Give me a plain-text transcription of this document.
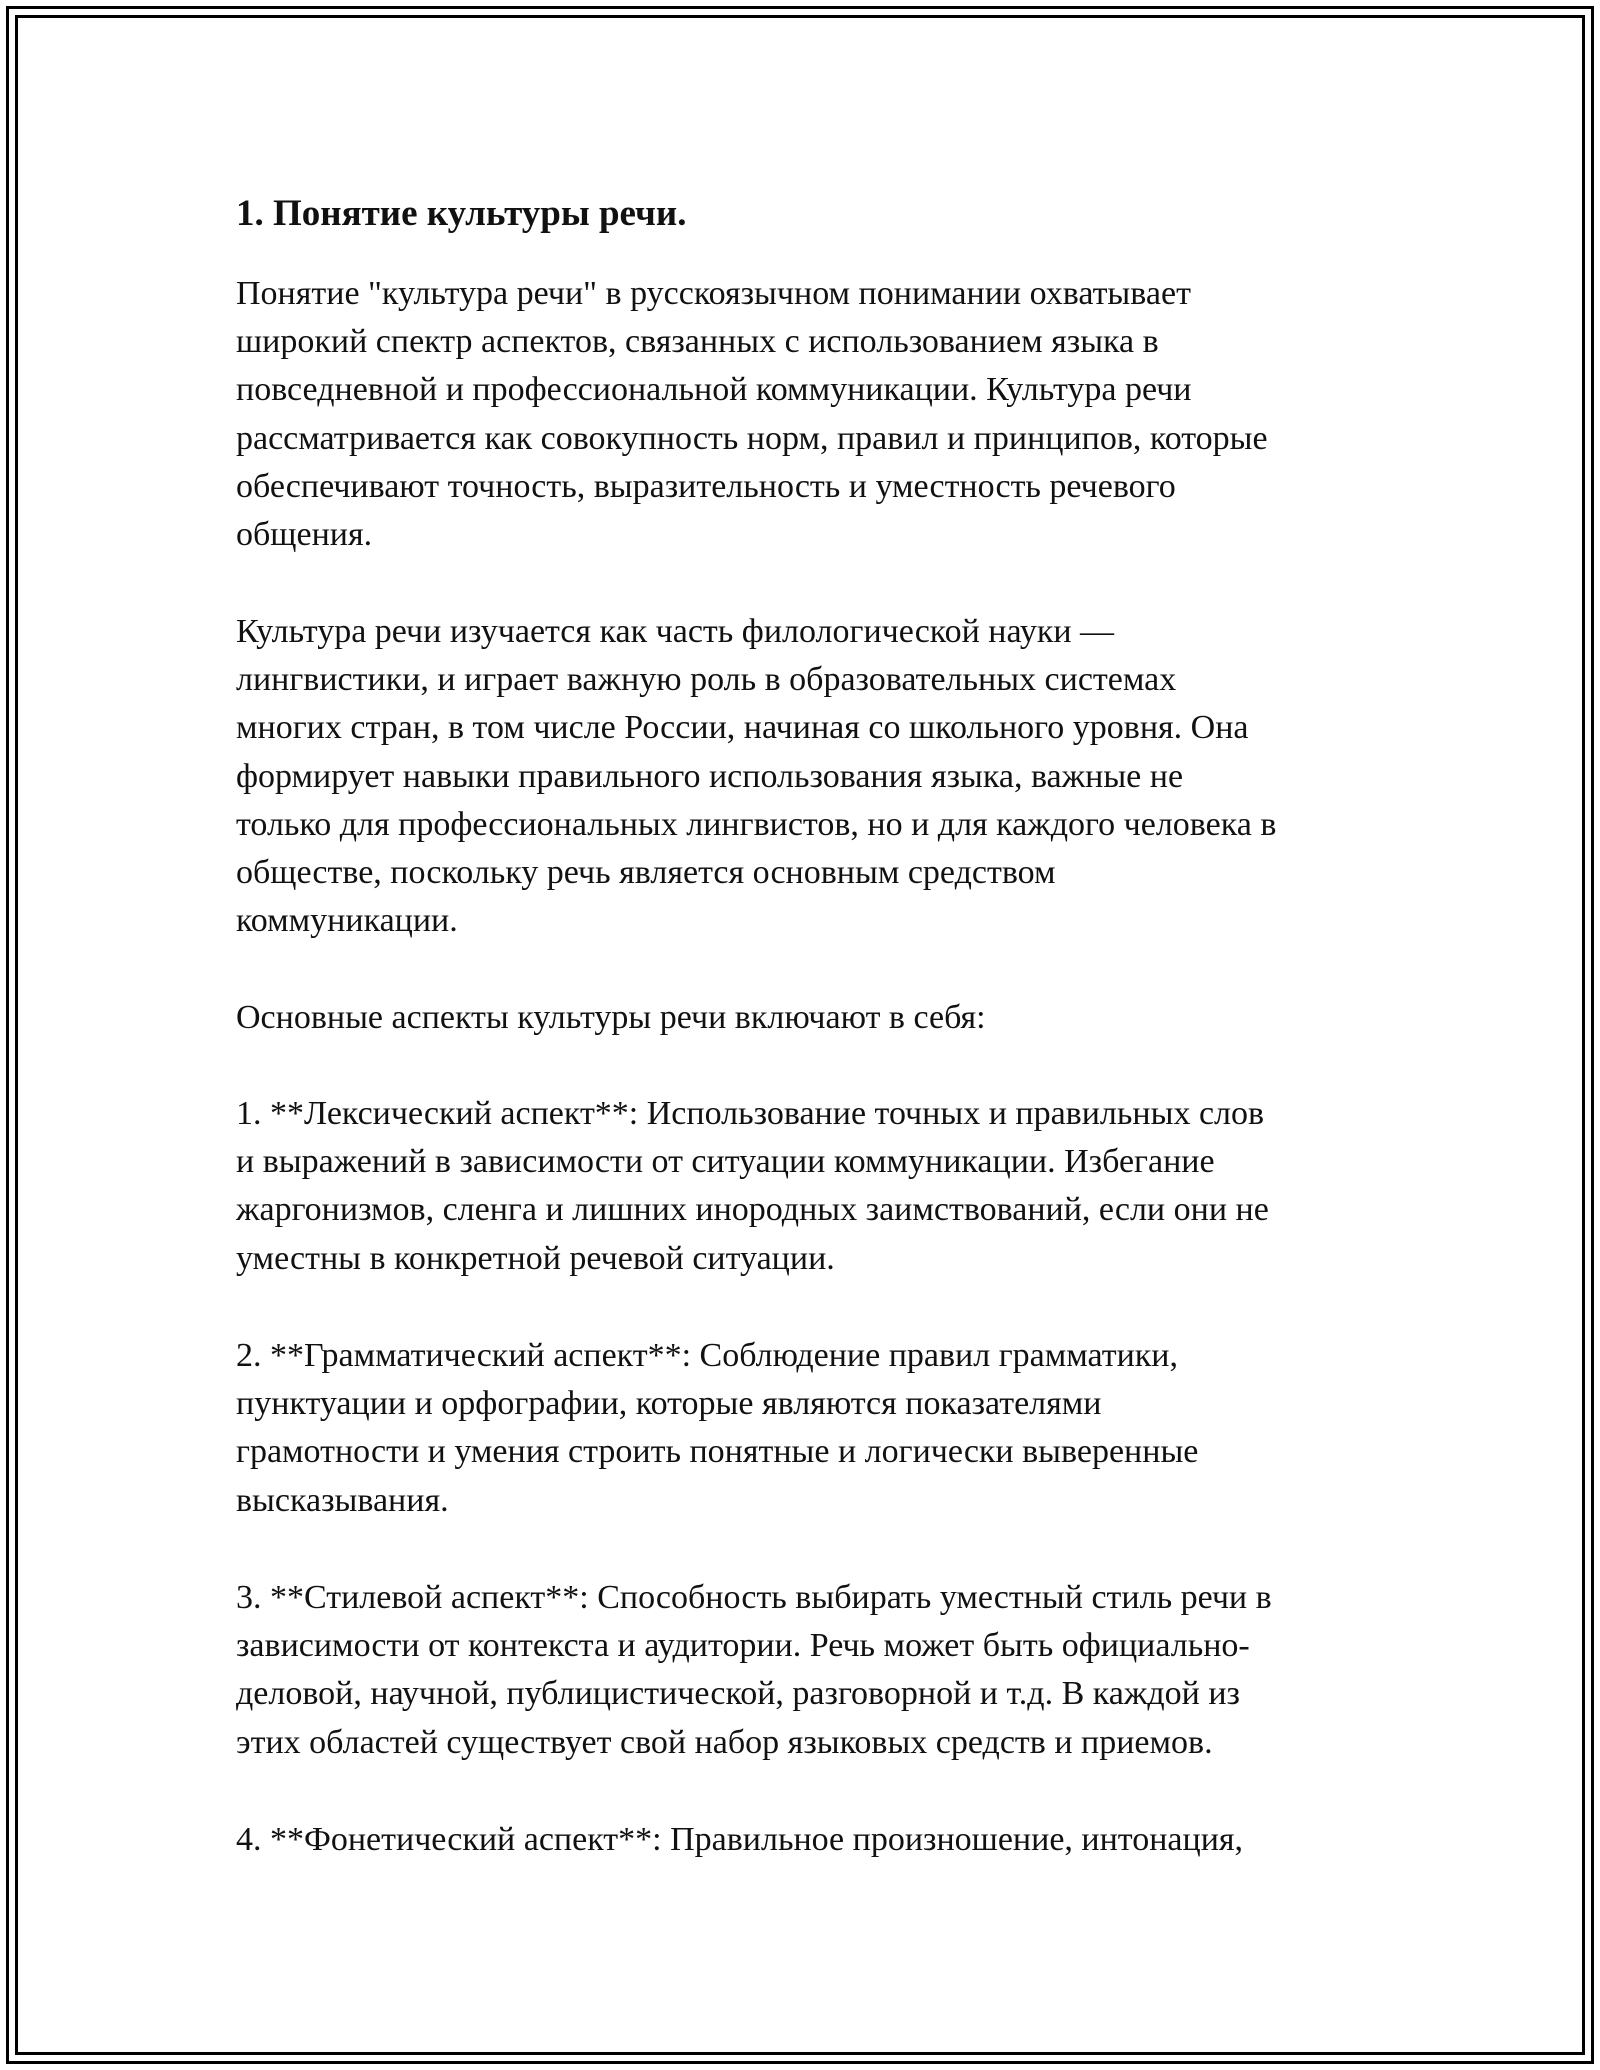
1. Понятие культуры речи.

Понятие "культура речи" в русскоязычном понимании охватывает
широкий спектр аспектов, связанных с использованием языка в
повседневной и профессиональной коммуникации. Культура речи
рассматривается как совокупность норм, правил и принципов, которые
обеспечивают точность, выразительность и уместность речевого
общения.

Культура речи изучается как часть филологической науки —
лингвистики, и играет важную роль в образовательных системах
многих стран, в том числе России, начиная со школьного уровня. Она
формирует навыки правильного использования языка, важные не
только для профессиональных лингвистов, но и для каждого человека в
обществе, поскольку речь является основным средством
коммуникации.

Основные аспекты культуры речи включают в себя:

1. **Лексический аспект**: Использование точных и правильных слов
и выражений в зависимости от ситуации коммуникации. Избегание
жаргонизмов, сленга и лишних инородных заимствований, если они не
уместны в конкретной речевой ситуации.

2. **Грамматический аспект**: Соблюдение правил грамматики,
пунктуации и орфографии, которые являются показателями
грамотности и умения строить понятные и логически выверенные
высказывания.

3. **Стилевой аспект**: Способность выбирать уместный стиль речи в
зависимости от контекста и аудитории. Речь может быть официально-
деловой, научной, публицистической, разговорной и т.д. В каждой из
этих областей существует свой набор языковых средств и приемов.

4. **Фонетический аспект**: Правильное произношение, интонация,
